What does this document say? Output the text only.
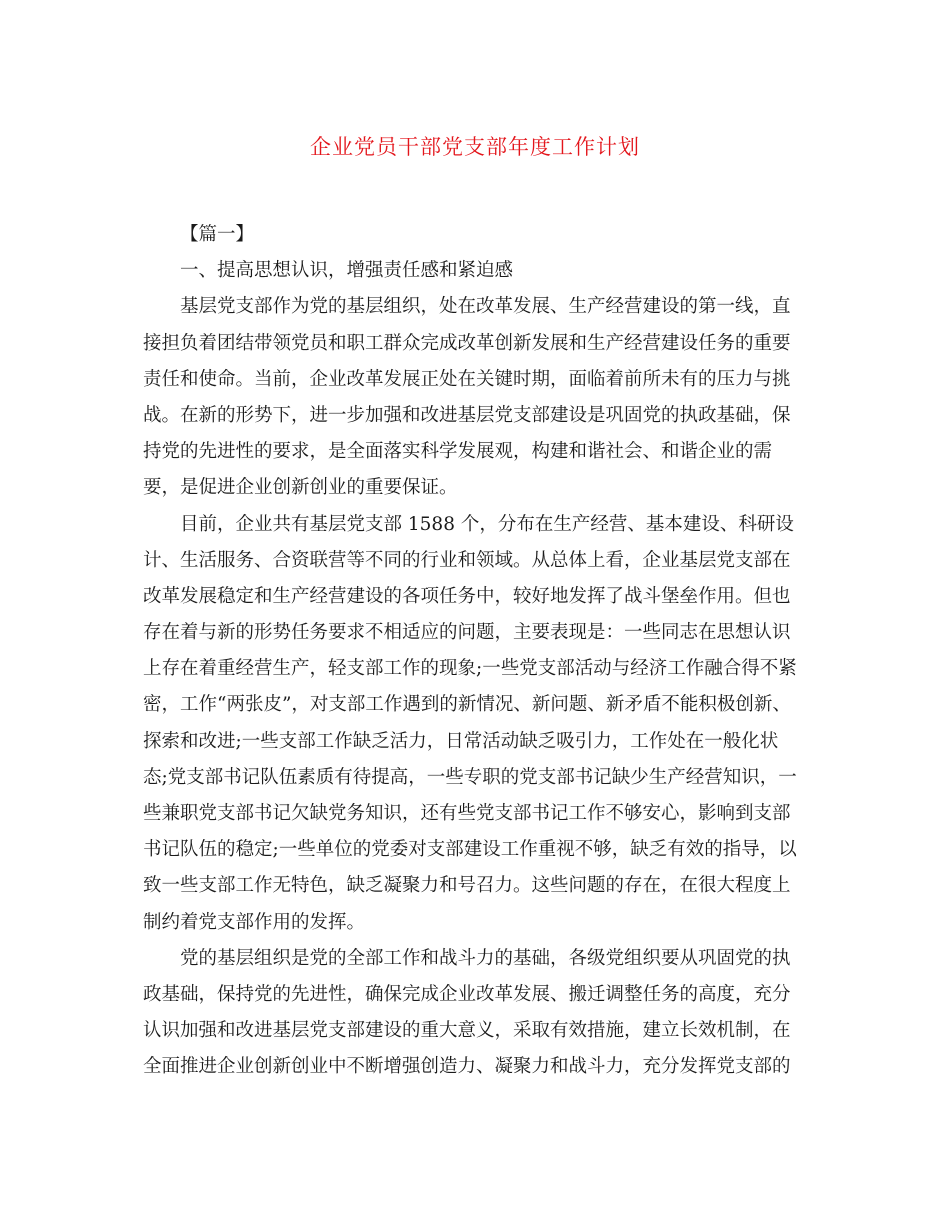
企业党员干部党支部年度工作计划

【篇一】

一、提高思想认识，增强责任感和紧迫感

基层党支部作为党的基层组织，处在改革发展、生产经营建设的第一线，直

接担负着团结带领党员和职工群众完成改革创新发展和生产经营建设任务的重要

责任和使命。当前，企业改革发展正处在关键时期，面临着前所未有的压力与挑

战。在新的形势下，进一步加强和改进基层党支部建设是巩固党的执政基础，保

持党的先进性的要求，是全面落实科学发展观，构建和谐社会、和谐企业的需

要，是促进企业创新创业的重要保证。

目前，企业共有基层党支部 1588 个，分布在生产经营、基本建设、科研设

计、生活服务、合资联营等不同的行业和领域。从总体上看，企业基层党支部在

改革发展稳定和生产经营建设的各项任务中，较好地发挥了战斗堡垒作用。但也

存在着与新的形势任务要求不相适应的问题，主要表现是：一些同志在思想认识

上存在着重经营生产，轻支部工作的现象;一些党支部活动与经济工作融合得不紧

密，工作“两张皮”，对支部工作遇到的新情况、新问题、新矛盾不能积极创新、

探索和改进;一些支部工作缺乏活力，日常活动缺乏吸引力，工作处在一般化状

态;党支部书记队伍素质有待提高，一些专职的党支部书记缺少生产经营知识，一

些兼职党支部书记欠缺党务知识，还有些党支部书记工作不够安心，影响到支部

书记队伍的稳定;一些单位的党委对支部建设工作重视不够，缺乏有效的指导，以

致一些支部工作无特色，缺乏凝聚力和号召力。这些问题的存在，在很大程度上

制约着党支部作用的发挥。

党的基层组织是党的全部工作和战斗力的基础，各级党组织要从巩固党的执

政基础，保持党的先进性，确保完成企业改革发展、搬迁调整任务的高度，充分

认识加强和改进基层党支部建设的重大意义，采取有效措施，建立长效机制，在

全面推进企业创新创业中不断增强创造力、凝聚力和战斗力，充分发挥党支部的
